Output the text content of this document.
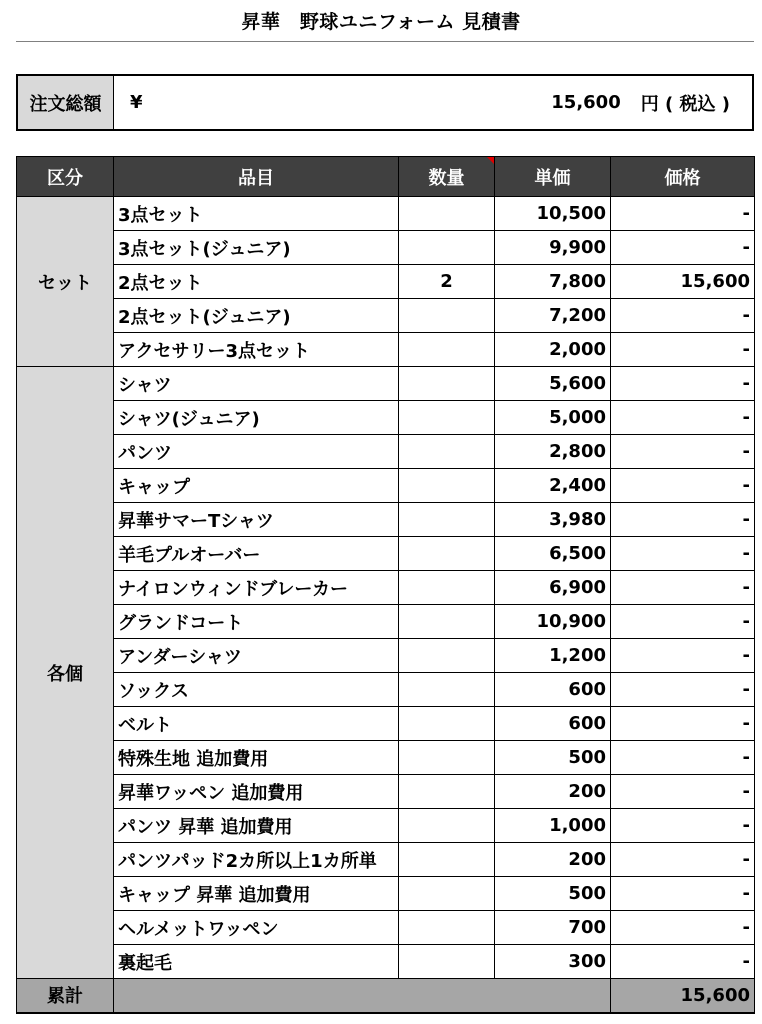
昇華　野球ユニフォーム 見積書
注文総額	¥	15,600 円 ( 税込 )
区分	品目	数量	単価	価格
セット	3点セット		10,500	-
	3点セット(ジュニア)		9,900	-
	2点セット	2	7,800	15,600
	2点セット(ジュニア)		7,200	-
	アクセサリー3点セット		2,000	-
各個	シャツ		5,600	-
	シャツ(ジュニア)		5,000	-
	パンツ		2,800	-
	キャップ		2,400	-
	昇華サマーTシャツ		3,980	-
	羊毛プルオーバー		6,500	-
	ナイロンウィンドブレーカー		6,900	-
	グランドコート		10,900	-
	アンダーシャツ		1,200	-
	ソックス		600	-
	ベルト		600	-
	特殊生地 追加費用		500	-
	昇華ワッペン 追加費用		200	-
	パンツ 昇華 追加費用		1,000	-
	パンツパッド2カ所以上1カ所単		200	-
	キャップ 昇華 追加費用		500	-
	ヘルメットワッペン		700	-
	裏起毛		300	-
累計				15,600
